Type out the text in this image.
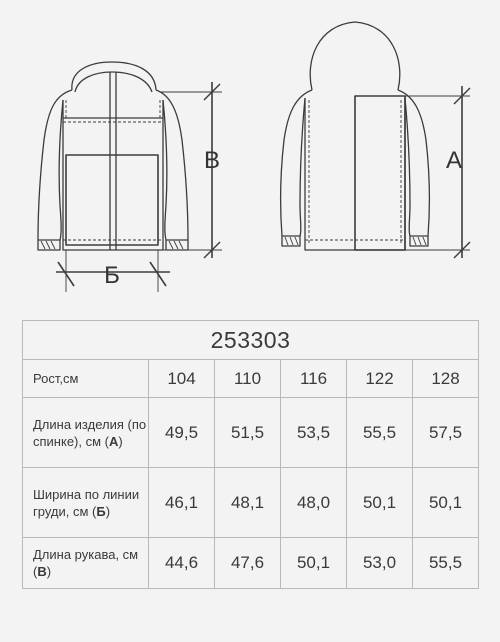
В	А
Б
253303					
Рост,см	104	110	116	122	128
Длина изделия (по спинке), см (А)	49,5	51,5	53,5	55,5	57,5
Ширина по линии груди, см (Б)	46,1	48,1	48,0	50,1	50,1
Длина рукава, см (В)	44,6	47,6	50,1	53,0	55,5
